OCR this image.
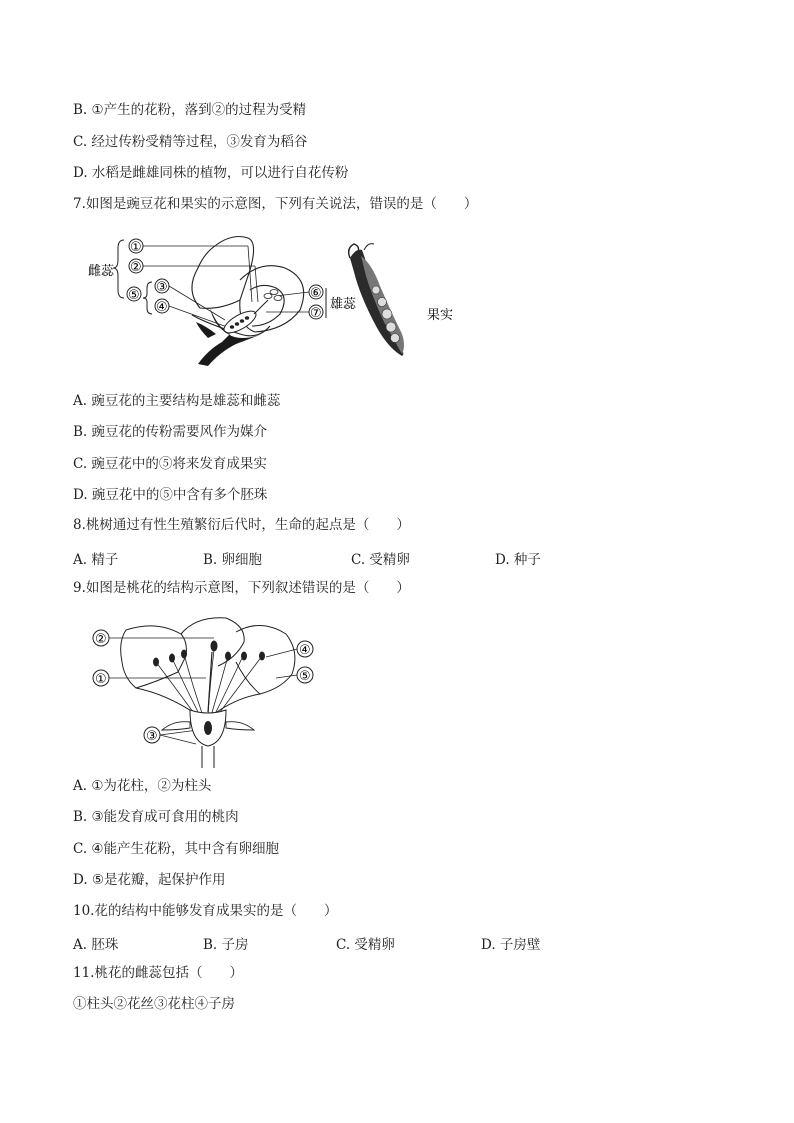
B. ①产生的花粉，落到②的过程为受精
C. 经过传粉受精等过程，③发育为稻谷
D. 水稻是雌雄同株的植物，可以进行自花传粉
7.如图是豌豆花和果实的示意图，下列有关说法，错误的是（　　）
雌蕊
①
②
⑤
③
④
⑥
⑦
雄蕊
果实
A. 豌豆花的主要结构是雄蕊和雌蕊
B. 豌豆花的传粉需要风作为媒介
C. 豌豆花中的⑤将来发育成果实
D. 豌豆花中的⑤中含有多个胚珠
8.桃树通过有性生殖繁衍后代时，生命的起点是（　　）
A. 精子	B. 卵细胞	C. 受精卵	D. 种子
9.如图是桃花的结构示意图，下列叙述错误的是（　　）
②
①
③
④
⑤
A. ①为花柱，②为柱头
B. ③能发育成可食用的桃肉
C. ④能产生花粉，其中含有卵细胞
D. ⑤是花瓣，起保护作用
10.花的结构中能够发育成果实的是（　　）
A. 胚珠	B. 子房	C. 受精卵	D. 子房壁
11.桃花的雌蕊包括（　　）
①柱头②花丝③花柱④子房
